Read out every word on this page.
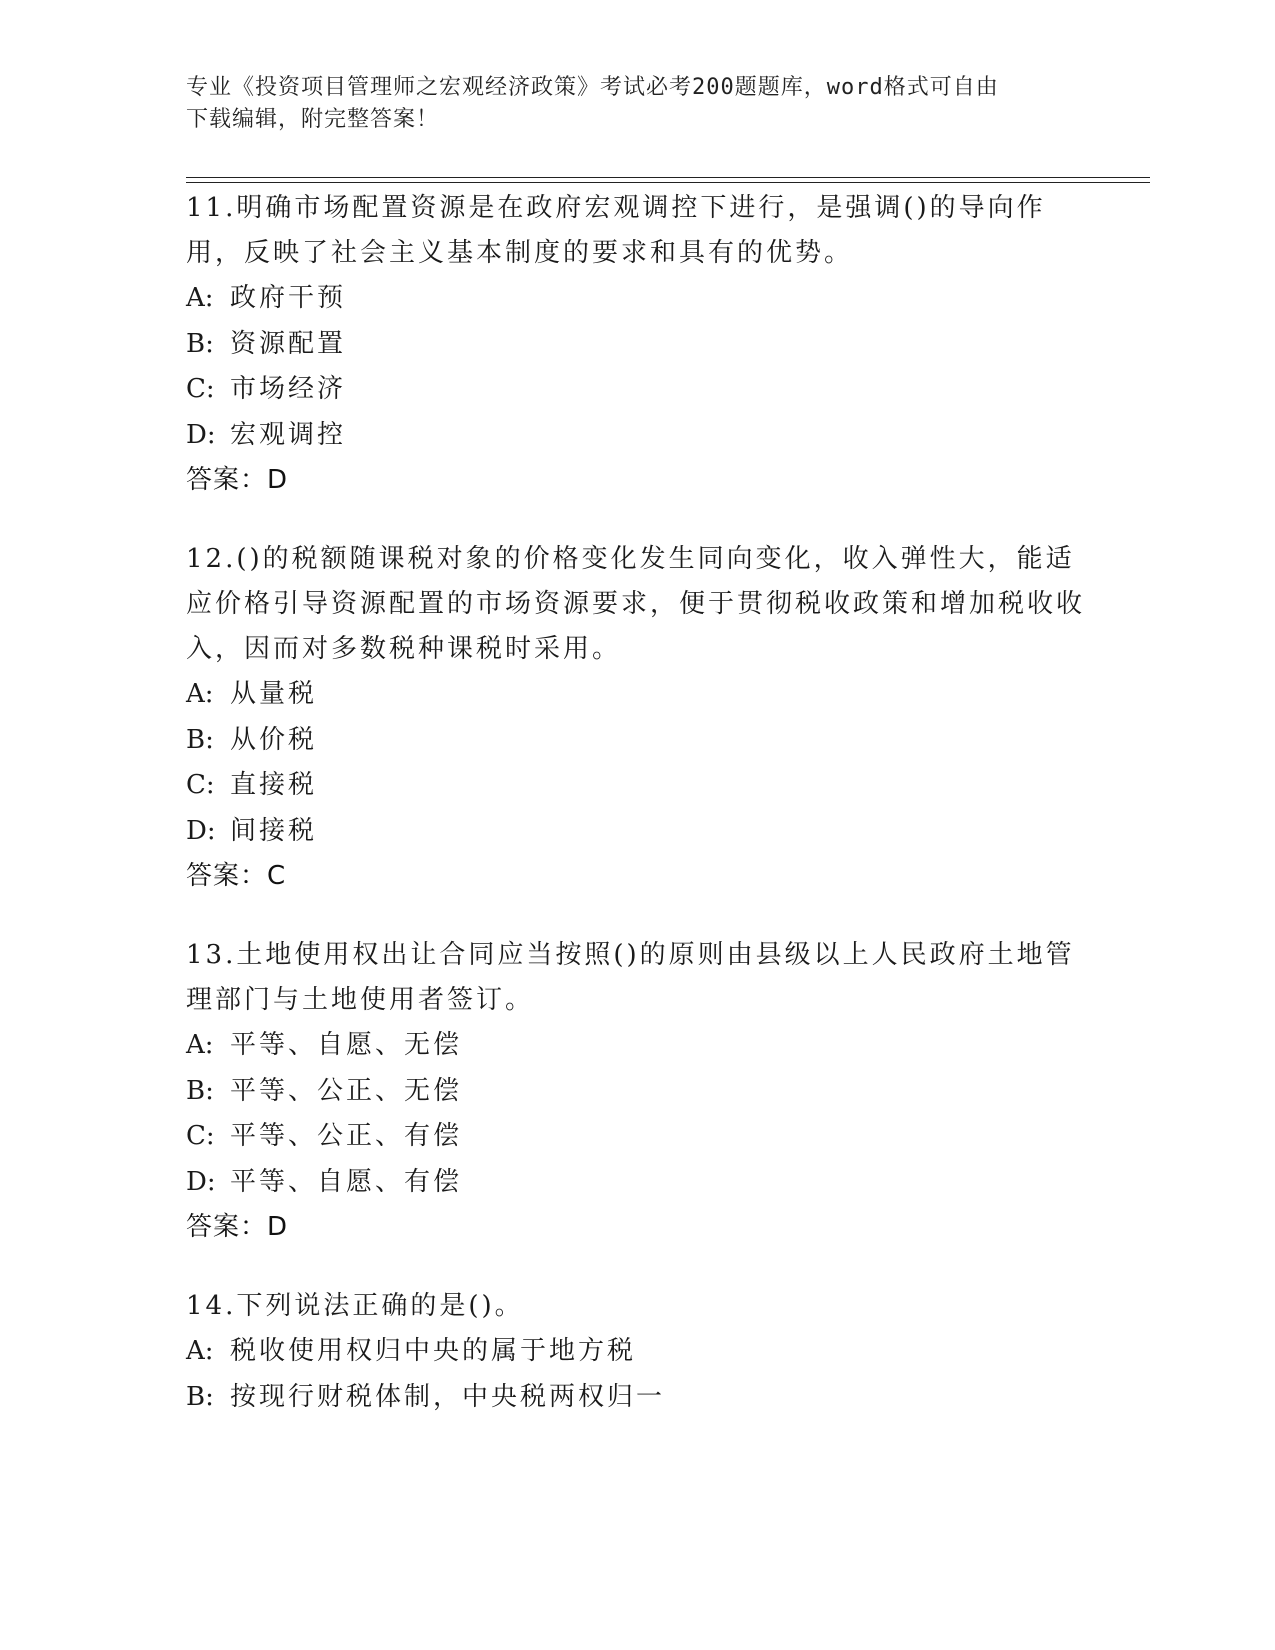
专业《投资项目管理师之宏观经济政策》考试必考200题题库，word格式可自由
下载编辑，附完整答案！

11.明确市场配置资源是在政府宏观调控下进行，是强调()的导向作用，反映了社会主义基本制度的要求和具有的优势。

A: 政府干预
B: 资源配置
C: 市场经济
D: 宏观调控
答案：D

12.()的税额随课税对象的价格变化发生同向变化，收入弹性大，能适应价格引导资源配置的市场资源要求，便于贯彻税收政策和增加税收收入，因而对多数税种课税时采用。

A: 从量税
B: 从价税
C: 直接税
D: 间接税
答案：C

13.土地使用权出让合同应当按照()的原则由县级以上人民政府土地管理部门与土地使用者签订。

A: 平等、自愿、无偿
B: 平等、公正、无偿
C: 平等、公正、有偿
D: 平等、自愿、有偿
答案：D

14.下列说法正确的是()。

A: 税收使用权归中央的属于地方税
B: 按现行财税体制，中央税两权归一
